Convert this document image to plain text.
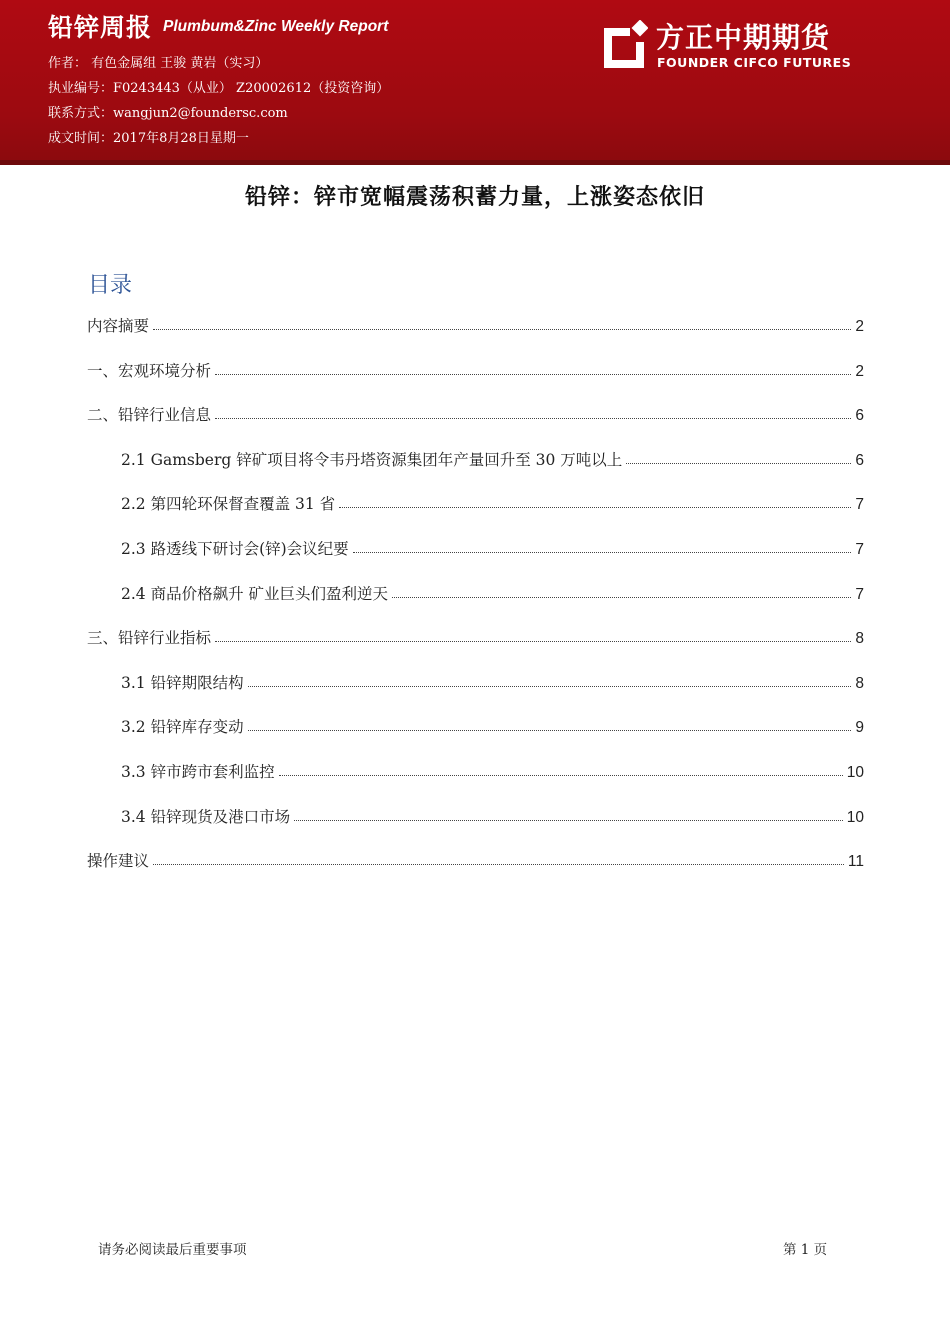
铅锌周报 Plumbum&Zinc Weekly Report
作者： 有色金属组 王骏 黄岩（实习）
执业编号：F0243443（从业） Z20002612（投资咨询）
联系方式：wangjun2@foundersc.com
成文时间：2017年8月28日星期一
方正中期期货
FOUNDER CIFCO FUTURES
铅锌：锌市宽幅震荡积蓄力量，上涨姿态依旧
目录
内容摘要	2
一、宏观环境分析	2
二、铅锌行业信息	6
2.1 Gamsberg 锌矿项目将令韦丹塔资源集团年产量回升至 30 万吨以上	6
2.2 第四轮环保督查覆盖 31 省	7
2.3 路透线下研讨会(锌)会议纪要	7
2.4 商品价格飙升 矿业巨头们盈利逆天	7
三、铅锌行业指标	8
3.1 铅锌期限结构	8
3.2 铅锌库存变动	9
3.3 锌市跨市套利监控	10
3.4 铅锌现货及港口市场	10
操作建议	11
请务必阅读最后重要事项	第 1 页
